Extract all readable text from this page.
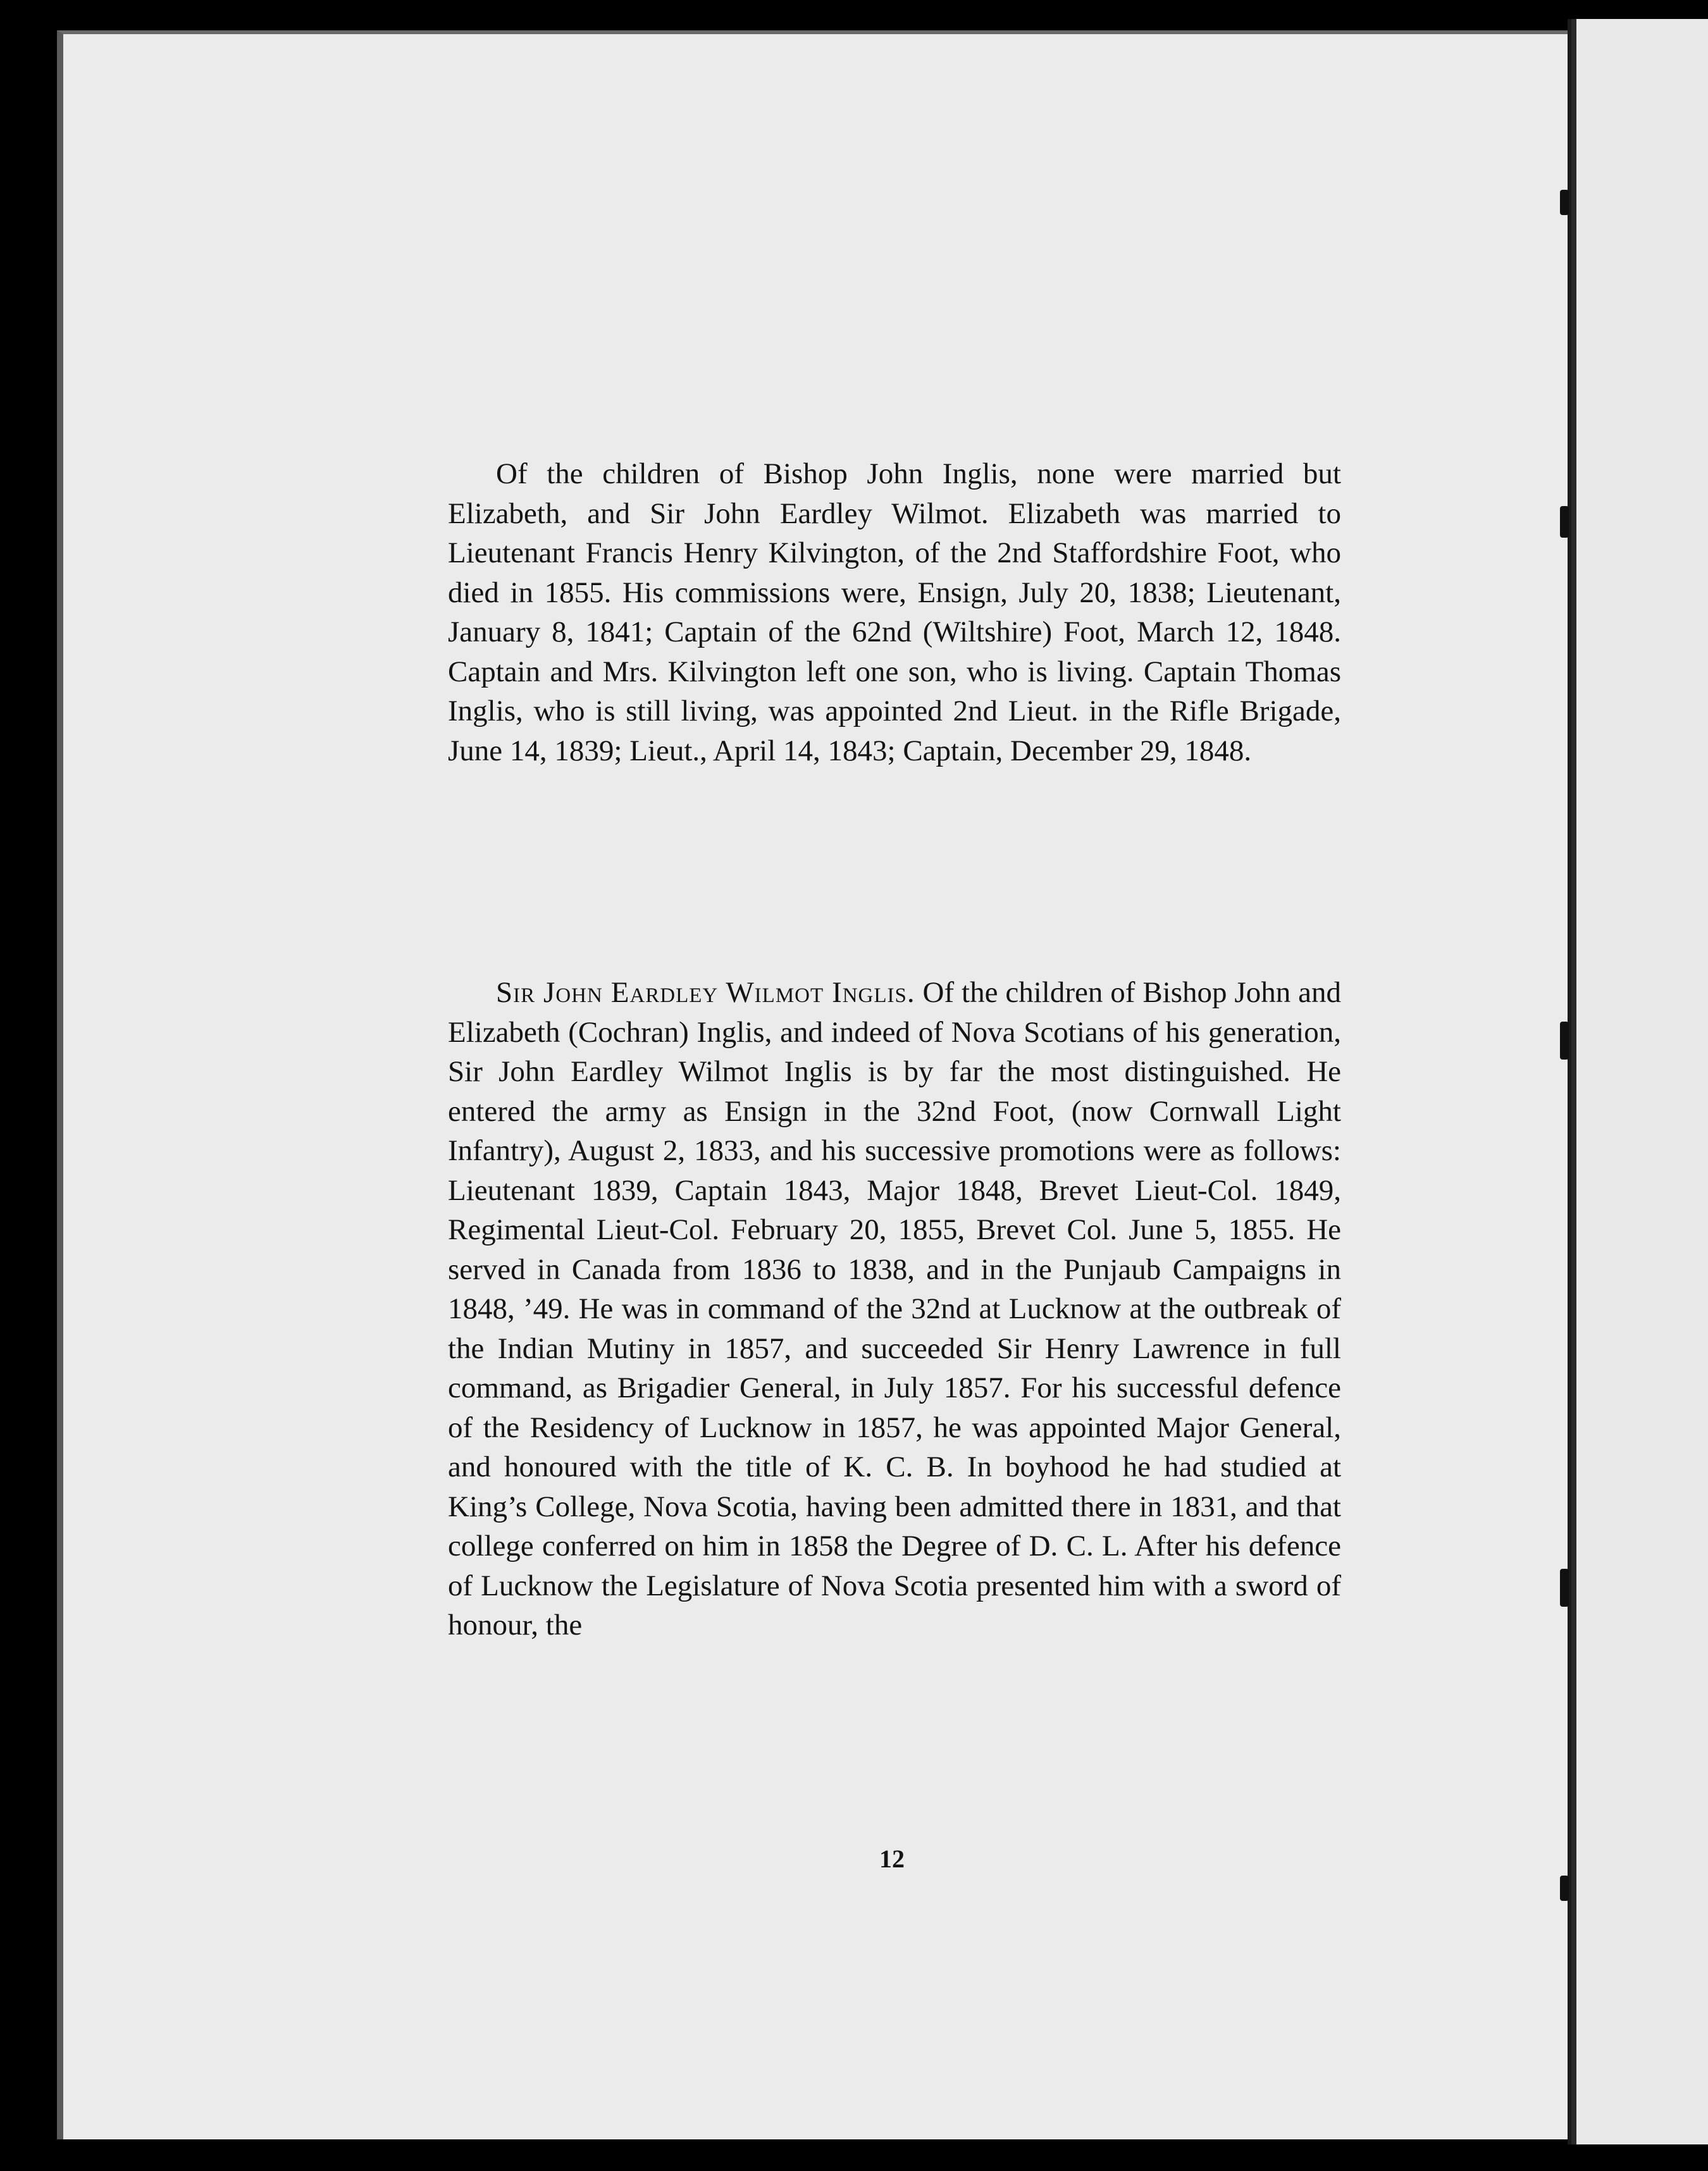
Of the children of Bishop John Inglis, none were married but Elizabeth, and Sir John Eardley Wilmot. Elizabeth was married to Lieutenant Francis Henry Kilvington, of the 2nd Staffordshire Foot, who died in 1855. His commissions were, Ensign, July 20, 1838; Lieutenant, January 8, 1841; Captain of the 62nd (Wiltshire) Foot, March 12, 1848. Captain and Mrs. Kilvington left one son, who is living. Captain Thomas Inglis, who is still living, was appointed 2nd Lieut. in the Rifle Brigade, June 14, 1839; Lieut., April 14, 1843; Captain, December 29, 1848.

Sir John Eardley Wilmot Inglis. Of the children of Bishop John and Elizabeth (Cochran) Inglis, and indeed of Nova Scotians of his generation, Sir John Eardley Wilmot Inglis is by far the most distinguished. He entered the army as Ensign in the 32nd Foot, (now Cornwall Light Infantry), August 2, 1833, and his successive promotions were as follows: Lieutenant 1839, Captain 1843, Major 1848, Brevet Lieut-Col. 1849, Regimental Lieut-Col. February 20, 1855, Brevet Col. June 5, 1855. He served in Canada from 1836 to 1838, and in the Punjaub Campaigns in 1848, ’49. He was in command of the 32nd at Lucknow at the outbreak of the Indian Mutiny in 1857, and succeeded Sir Henry Lawrence in full command, as Brigadier General, in July 1857. For his successful defence of the Residency of Lucknow in 1857, he was appointed Major General, and honoured with the title of K. C. B. In boyhood he had studied at King’s College, Nova Scotia, having been admitted there in 1831, and that college conferred on him in 1858 the Degree of D. C. L. After his defence of Lucknow the Legislature of Nova Scotia presented him with a sword of honour, the

12
